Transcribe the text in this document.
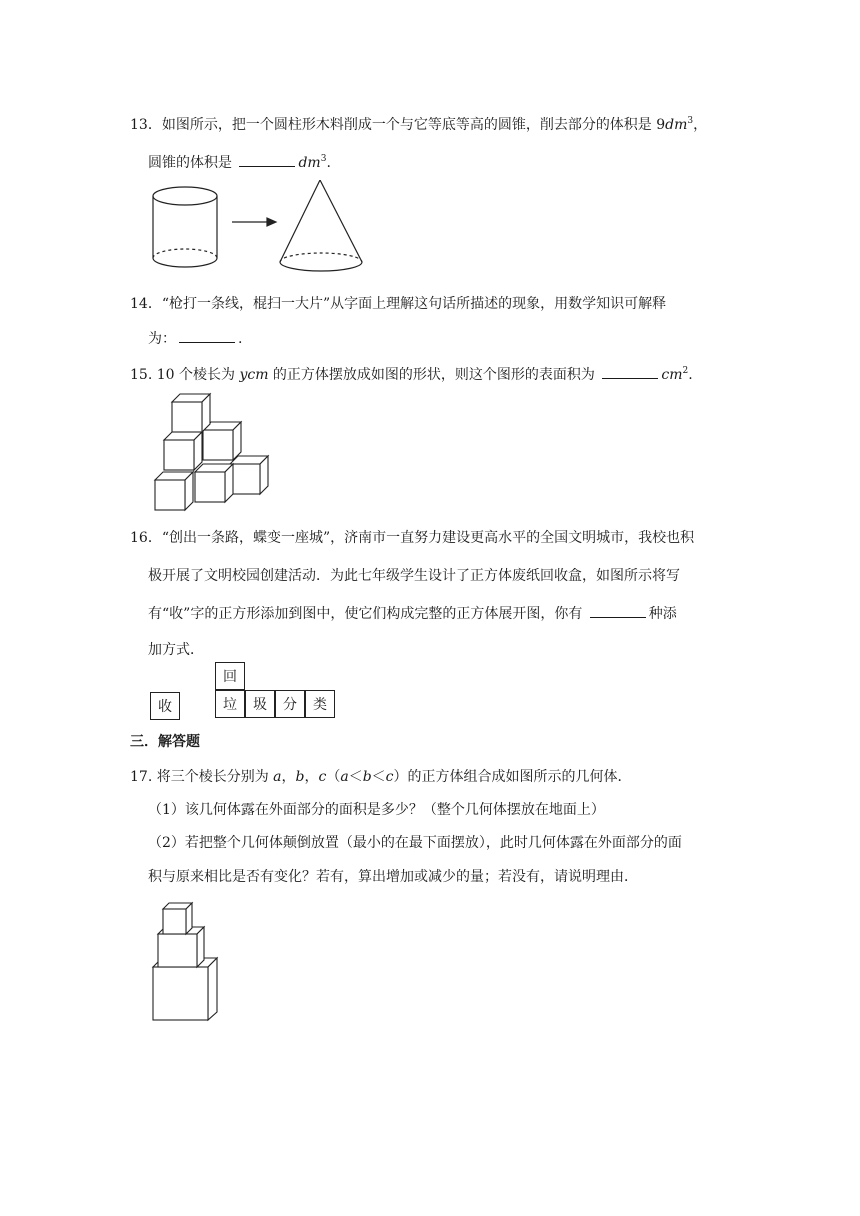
13．如图所示，把一个圆柱形木料削成一个与它等底等高的圆锥，削去部分的体积是 $9dm^3$，
圆锥的体积是	$dm^3$.
14．“枪打一条线，棍扫一大片”从字面上理解这句话所描述的现象，用数学知识可解释
为：	.
15. 10 个棱长为 ycm 的正方体摆放成如图的形状，则这个图形的表面积为	$cm^2$.
16．“创出一条路，蝶变一座城”，济南市一直努力建设更高水平的全国文明城市，我校也积
极开展了文明校园创建活动．为此七年级学生设计了正方体废纸回收盒，如图所示将写
有“收”字的正方形添加到图中，使它们构成完整的正方体展开图，你有	种添
加方式．
收
回
垃	圾	分	类
三．解答题
17. 将三个棱长分别为 a，b，c（a＜b＜c）的正方体组合成如图所示的几何体．
（1）该几何体露在外面部分的面积是多少？（整个几何体摆放在地面上）
（2）若把整个几何体颠倒放置（最小的在最下面摆放），此时几何体露在外面部分的面
积与原来相比是否有变化？若有，算出增加或减少的量；若没有，请说明理由．
